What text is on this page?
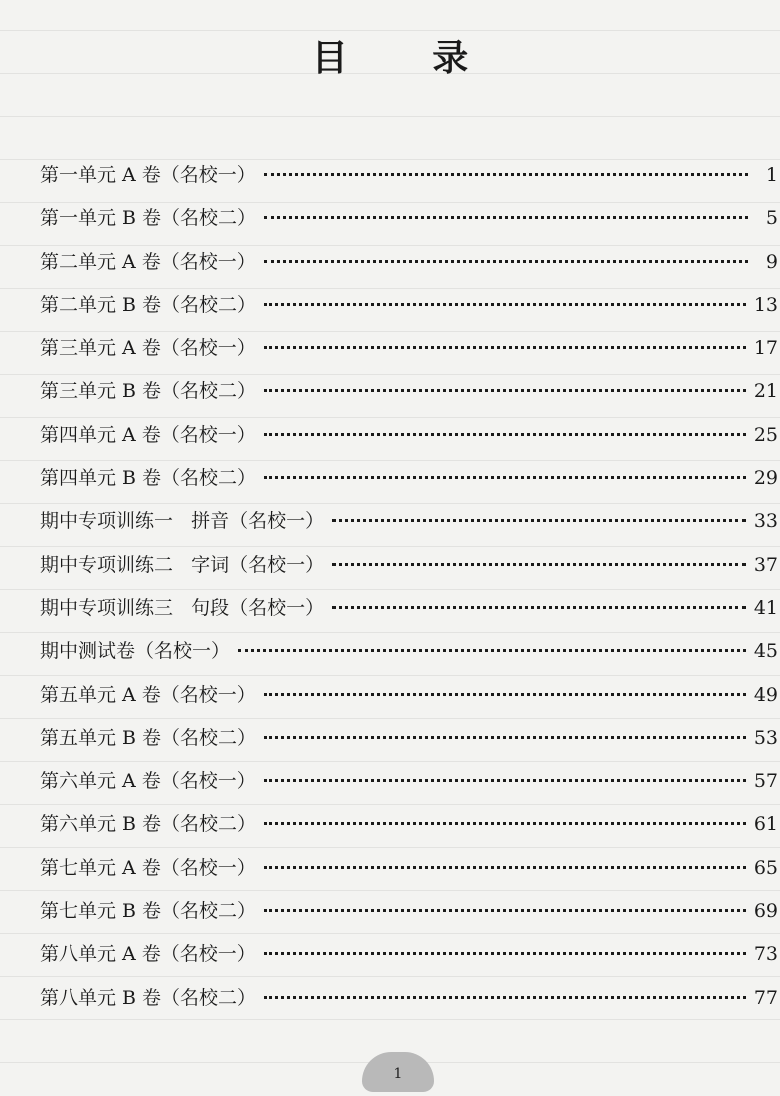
目 录
第一单元 A 卷（名校一）	1
第一单元 B 卷（名校二）	5
第二单元 A 卷（名校一）	9
第二单元 B 卷（名校二）	13
第三单元 A 卷（名校一）	17
第三单元 B 卷（名校二）	21
第四单元 A 卷（名校一）	25
第四单元 B 卷（名校二）	29
期中专项训练一   拼音（名校一）	33
期中专项训练二   字词（名校一）	37
期中专项训练三   句段（名校一）	41
期中测试卷（名校一）	45
第五单元 A 卷（名校一）	49
第五单元 B 卷（名校二）	53
第六单元 A 卷（名校一）	57
第六单元 B 卷（名校二）	61
第七单元 A 卷（名校一）	65
第七单元 B 卷（名校二）	69
第八单元 A 卷（名校一）	73
第八单元 B 卷（名校二）	77
1
